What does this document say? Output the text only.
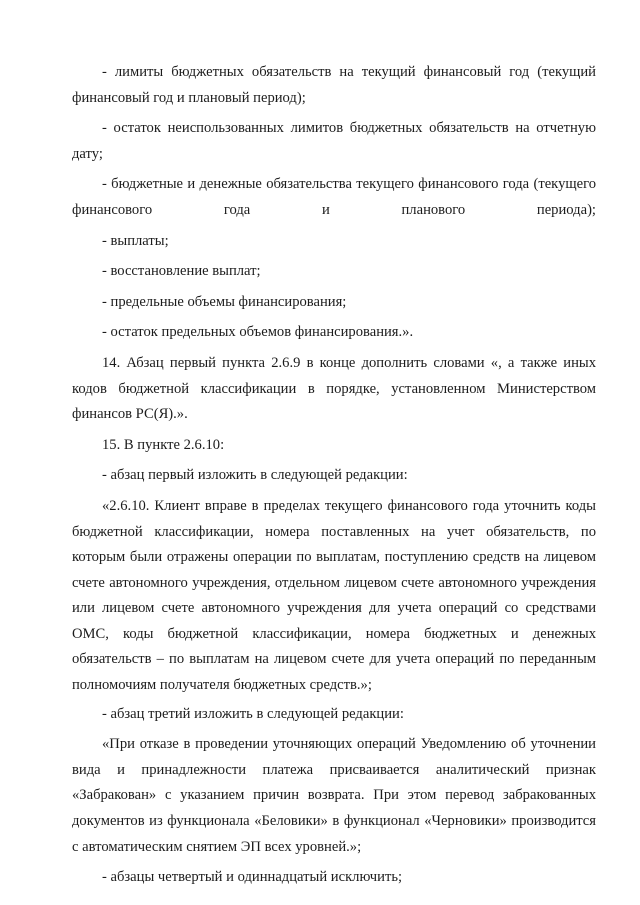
- лимиты бюджетных обязательств на текущий финансовый год (текущий финансовый год и плановый период);

- остаток неиспользованных лимитов бюджетных обязательств на отчетную дату;

- бюджетные и денежные обязательства текущего финансового года (текущего финансового года и планового периода);

- выплаты;

- восстановление выплат;

- предельные объемы финансирования;

- остаток предельных объемов финансирования.».

14. Абзац первый пункта 2.6.9 в конце дополнить словами «, а также иных кодов бюджетной классификации в порядке, установленном Министерством финансов РС(Я).».

15. В пункте 2.6.10:

- абзац первый изложить в следующей редакции:

«2.6.10. Клиент вправе в пределах текущего финансового года уточнить коды бюджетной классификации, номера поставленных на учет обязательств, по которым были отражены операции по выплатам, поступлению средств на лицевом счете автономного учреждения, отдельном лицевом счете автономного учреждения или лицевом счете автономного учреждения для учета операций со средствами ОМС, коды бюджетной классификации, номера бюджетных и денежных обязательств – по выплатам на лицевом счете для учета операций по переданным полномочиям получателя бюджетных средств.»;

- абзац третий изложить в следующей редакции:

«При отказе в проведении уточняющих операций Уведомлению об уточнении вида и принадлежности платежа присваивается аналитический признак «Забракован» с указанием причин возврата. При этом перевод забракованных документов из функционала «Беловики» в функционал «Черновики» производится с автоматическим снятием ЭП всех уровней.»;

- абзацы четвертый и одиннадцатый исключить;
